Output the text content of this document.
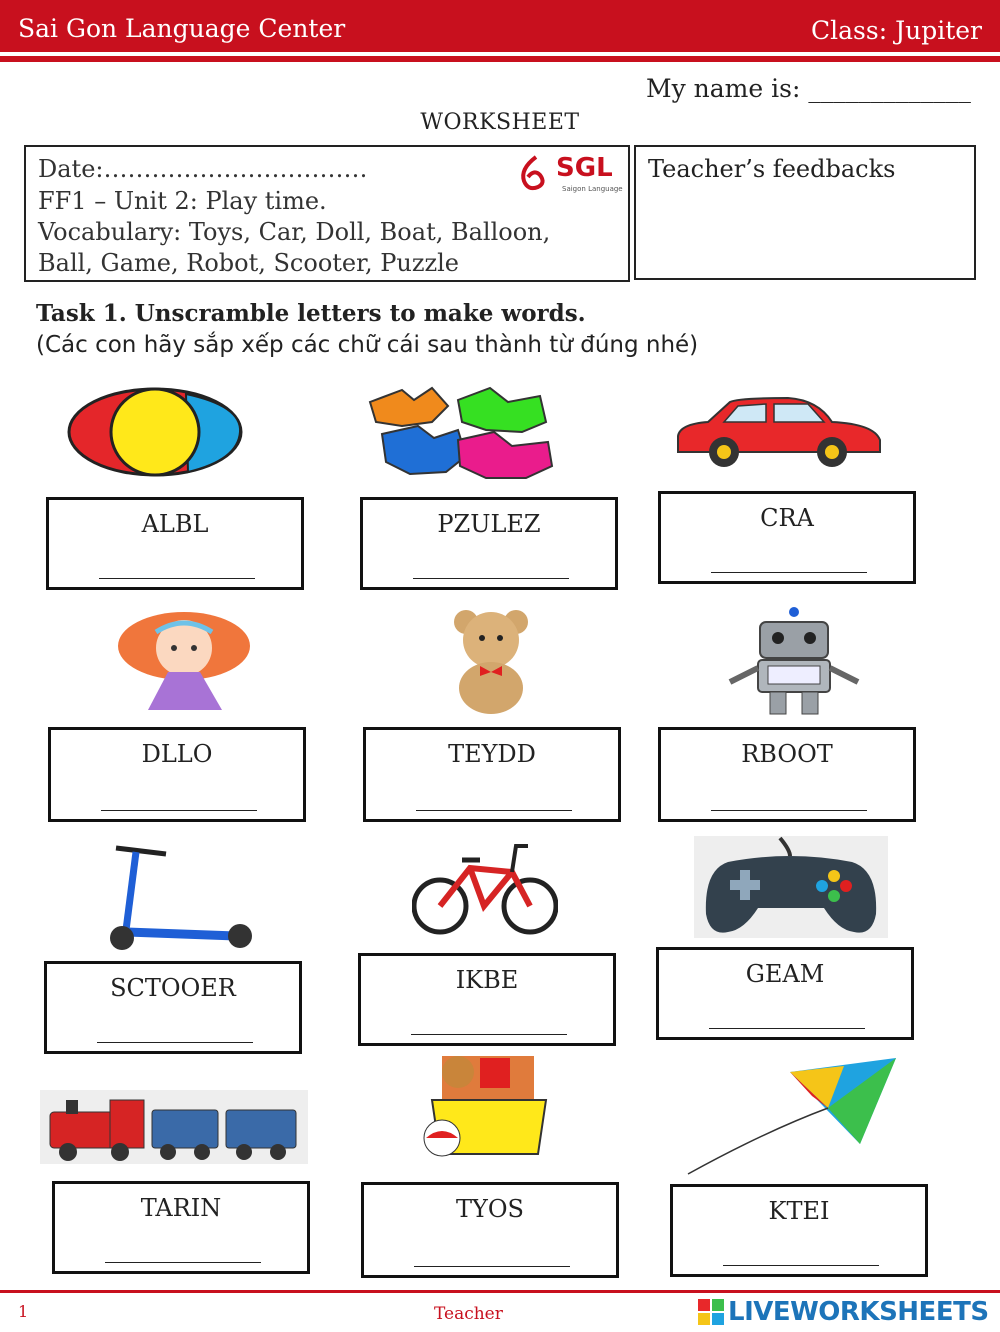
Sai Gon Language Center	Class: Jupiter
My name is: _____________
WORKSHEET
Date:……………………………
FF1 – Unit 2: Play time.
Vocabulary: Toys, Car, Doll, Boat, Balloon,
Ball, Game, Robot, Scooter, Puzzle
SGL
Saigon Language
Teacher’s feedbacks
Task 1. Unscramble letters to make words.
(Các con hãy sắp xếp các chữ cái sau thành từ đúng nhé)
ALBL	PZULEZ	CRA
DLLO	TEYDD	RBOOT
SCTOOER	IKBE	GEAM
TARIN	TYOS	KTEI
1	Teacher	LIVEWORKSHEETS
